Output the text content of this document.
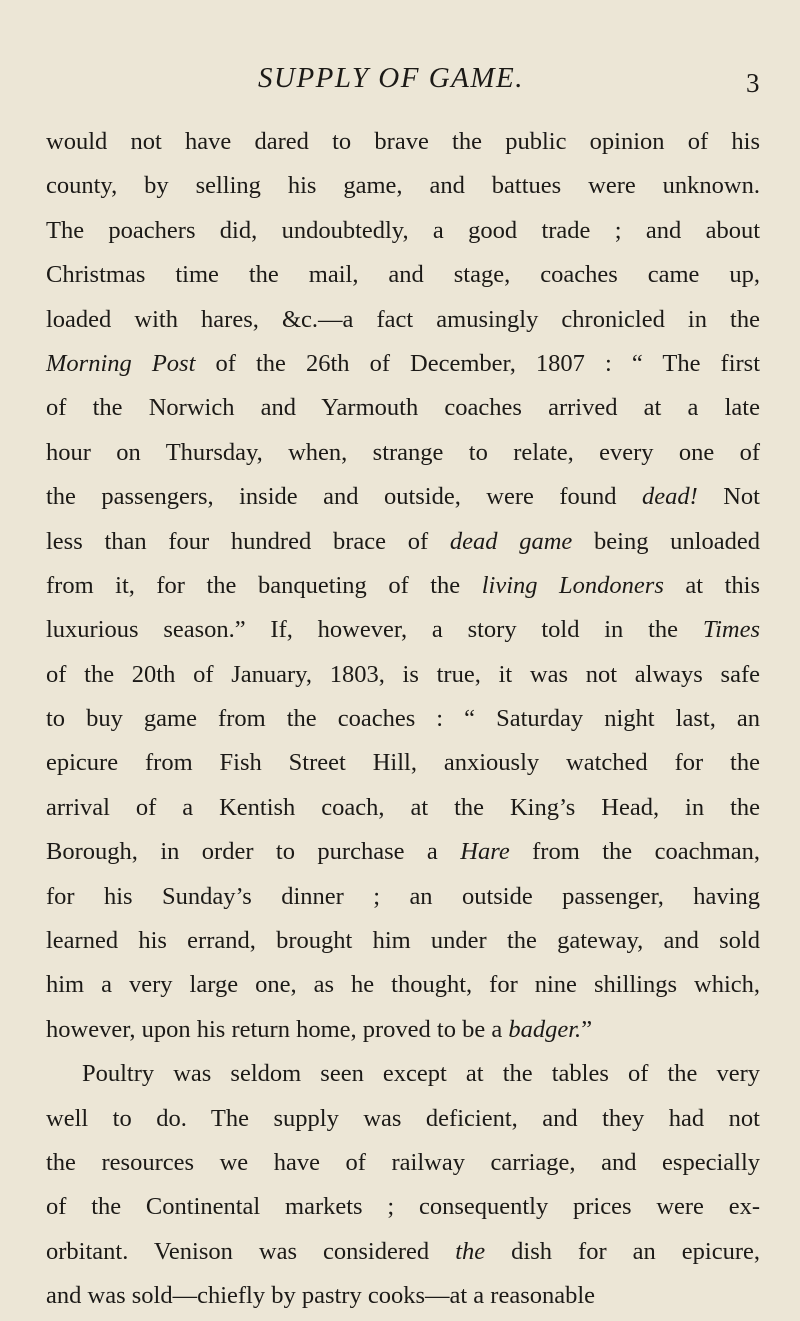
SUPPLY OF GAME.	3
would not have dared to brave the public opinion of his
county, by selling his game, and battues were unknown.
The poachers did, undoubtedly, a good trade ; and about
Christmas time the mail, and stage, coaches came up,
loaded with hares, &c.—a fact amusingly chronicled in the
Morning Post of the 26th of December, 1807 : “ The first
of the Norwich and Yarmouth coaches arrived at a late
hour on Thursday, when, strange to relate, every one of
the passengers, inside and outside, were found dead! Not
less than four hundred brace of dead game being unloaded
from it, for the banqueting of the living Londoners at this
luxurious season.” If, however, a story told in the Times
of the 20th of January, 1803, is true, it was not always safe
to buy game from the coaches : “ Saturday night last, an
epicure from Fish Street Hill, anxiously watched for the
arrival of a Kentish coach, at the King’s Head, in the
Borough, in order to purchase a Hare from the coachman,
for his Sunday’s dinner ; an outside passenger, having
learned his errand, brought him under the gateway, and sold
him a very large one, as he thought, for nine shillings which,
however, upon his return home, proved to be a badger.”
Poultry was seldom seen except at the tables of the very
well to do. The supply was deficient, and they had not
the resources we have of railway carriage, and especially
of the Continental markets ; consequently prices were ex-
orbitant. Venison was considered the dish for an epicure,
and was sold—chiefly by pastry cooks—at a reasonable
